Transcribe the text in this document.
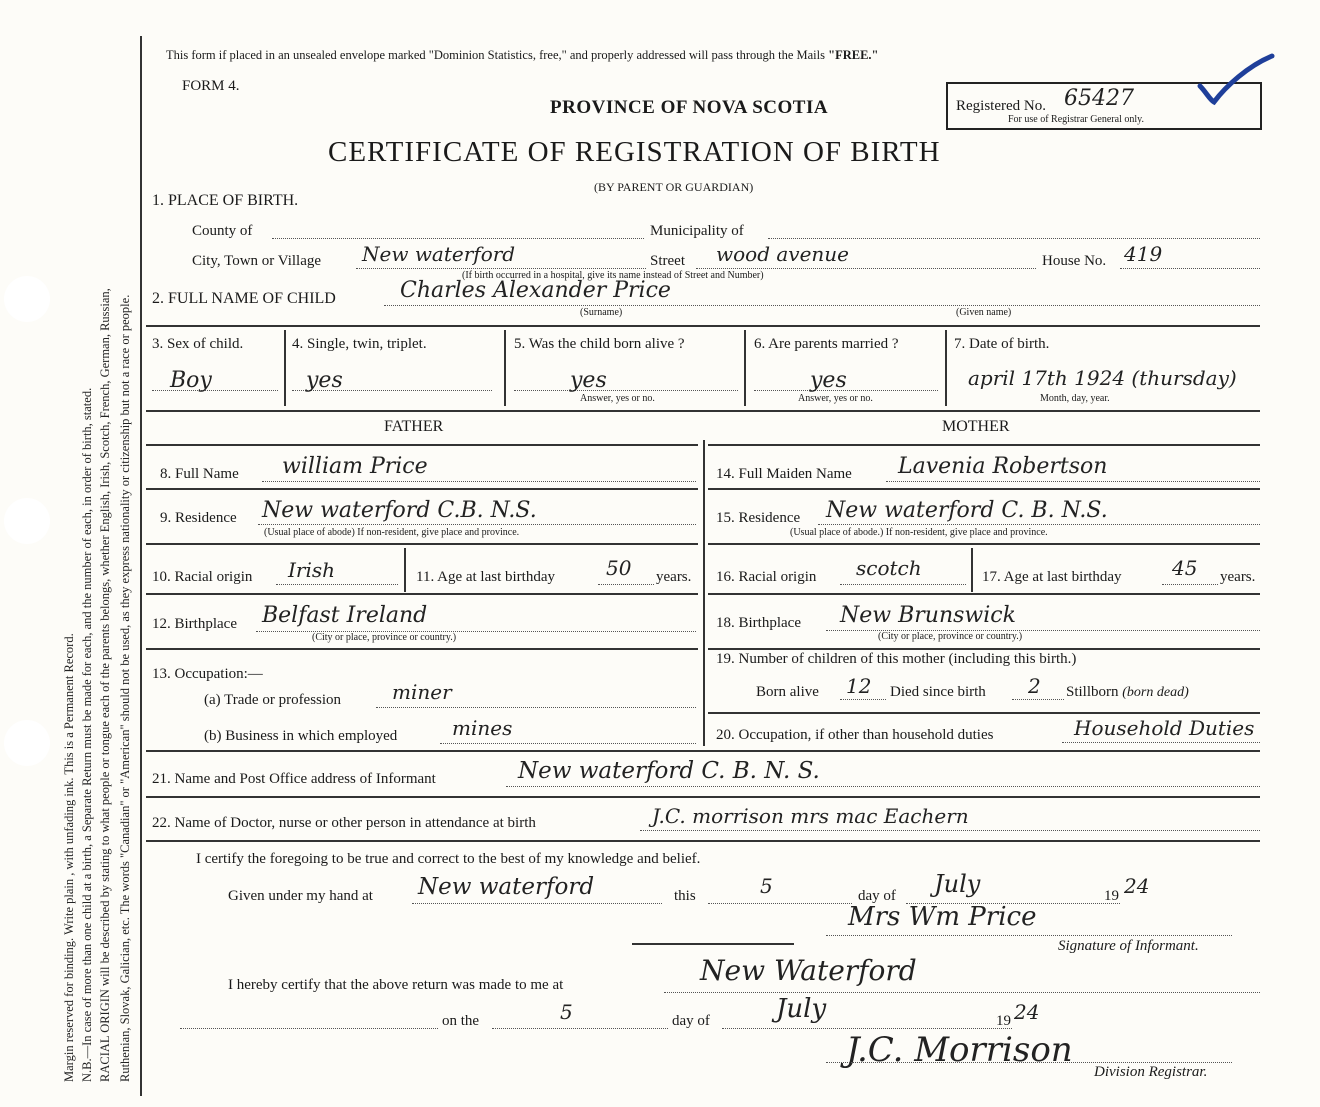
Margin reserved for binding. Write plain , with unfading ink. This is a Permanent Record. N.B.—In case of more than one child at a birth, a Separate Return must be made for each, and the number of each, in order of birth, stated. RACIAL ORIGIN will be described by stating to what people or tongue each of the parents belongs, whether English, Irish, Scotch, French, German, Russian, Ruthenian, Slovak, Galician, etc. The words "Canadian" or "American" should not be used, as they express nationality or citizenship but not a race or people.
This form if placed in an unsealed envelope marked "Dominion Statistics, free," and properly addressed will pass through the Mails "FREE."
FORM 4.
PROVINCE OF NOVA SCOTIA
CERTIFICATE OF REGISTRATION OF BIRTH
(BY PARENT OR GUARDIAN)
Registered No. 65427
For use of Registrar General only.
1. PLACE OF BIRTH.
County of	Municipality of
City, Town or Village New waterford	Street wood avenue	House No. 419
(If birth occurred in a hospital, give its name instead of Street and Number)
2. FULL NAME OF CHILD	Charles Alexander Price
(Surname)	(Given name)
3. Sex of child.
Boy
4. Single, twin, triplet.
yes
5. Was the child born alive ?
yes
Answer, yes or no.
6. Are parents married ?
yes
Answer, yes or no.
7. Date of birth.
april 17th 1924 (thursday)
Month, day, year.
FATHER	MOTHER
8. Full Name william Price	14. Full Maiden Name Lavenia Robertson
9. Residence New waterford C.B. N.S.
(Usual place of abode) If non-resident, give place and province.
15. Residence New waterford C. B. N.S.
(Usual place of abode.) If non-resident, give place and province.
10. Racial origin Irish	11. Age at last birthday	50 years. 16. Racial origin scotch	17. Age at last birthday	45 years.
12. Birthplace Belfast Ireland
(City or place, province or country.)
18. Birthplace New Brunswick
(City or place, province or country.)
13. Occupation:—
(a) Trade or profession	miner
(b) Business in which employed	mines
19. Number of children of this mother (including this birth.)
Born alive 12 Died since birth 2 Stillborn (born dead)
20. Occupation, if other than household duties	Household Duties
21. Name and Post Office address of Informant	New waterford C. B. N. S.
22. Name of Doctor, nurse or other person in attendance at birth	J.C. morrison mrs mac Eachern
I certify the foregoing to be true and correct to the best of my knowledge and belief.
Given under my hand at New waterford	this	5	day of July	19 24
Mrs Wm Price
Signature of Informant.
I hereby certify that the above return was made to me at	New Waterford
on the	5	day of	July	19 24
J.C. Morrison
Division Registrar.
